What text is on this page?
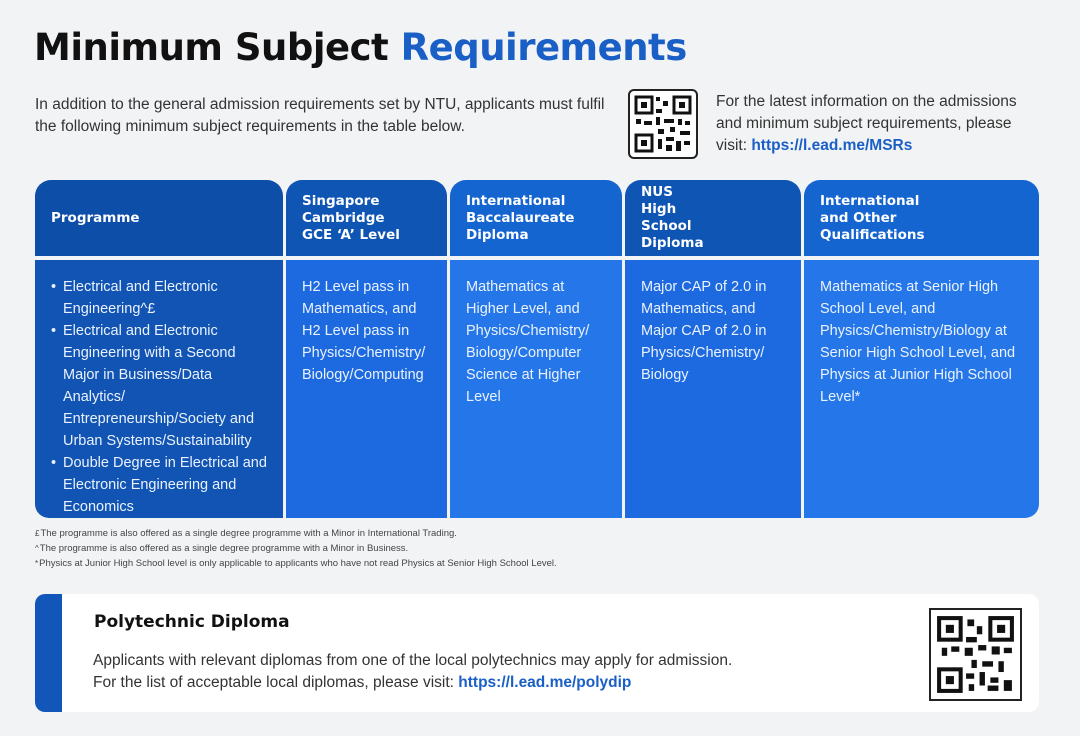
Minimum Subject Requirements

In addition to the general admission requirements set by NTU, applicants must fulfil the following minimum subject requirements in the table below.

For the latest information on the admissions and minimum subject requirements, please visit: https://l.ead.me/MSRs

Programme
Singapore Cambridge GCE ‘A’ Level
International Baccalaureate Diploma
NUS High School Diploma
International and Other Qualifications
• Electrical and Electronic Engineering^£
• Electrical and Electronic Engineering with a Second Major in Business/Data Analytics/ Entrepreneurship/Society and Urban Systems/Sustainability
• Double Degree in Electrical and Electronic Engineering and Economics
H2 Level pass in Mathematics, and H2 Level pass in Physics/Chemistry/ Biology/Computing
Mathematics at Higher Level, and Physics/Chemistry/ Biology/Computer Science at Higher Level
Major CAP of 2.0 in Mathematics, and Major CAP of 2.0 in Physics/Chemistry/ Biology
Mathematics at Senior High School Level, and Physics/Chemistry/Biology at Senior High School Level, and Physics at Junior High School Level*
£The programme is also offered as a single degree programme with a Minor in International Trading.
^The programme is also offered as a single degree programme with a Minor in Business.
*Physics at Junior High School level is only applicable to applicants who have not read Physics at Senior High School Level.
Polytechnic Diploma
Applicants with relevant diplomas from one of the local polytechnics may apply for admission.
For the list of acceptable local diplomas, please visit: https://l.ead.me/polydip
